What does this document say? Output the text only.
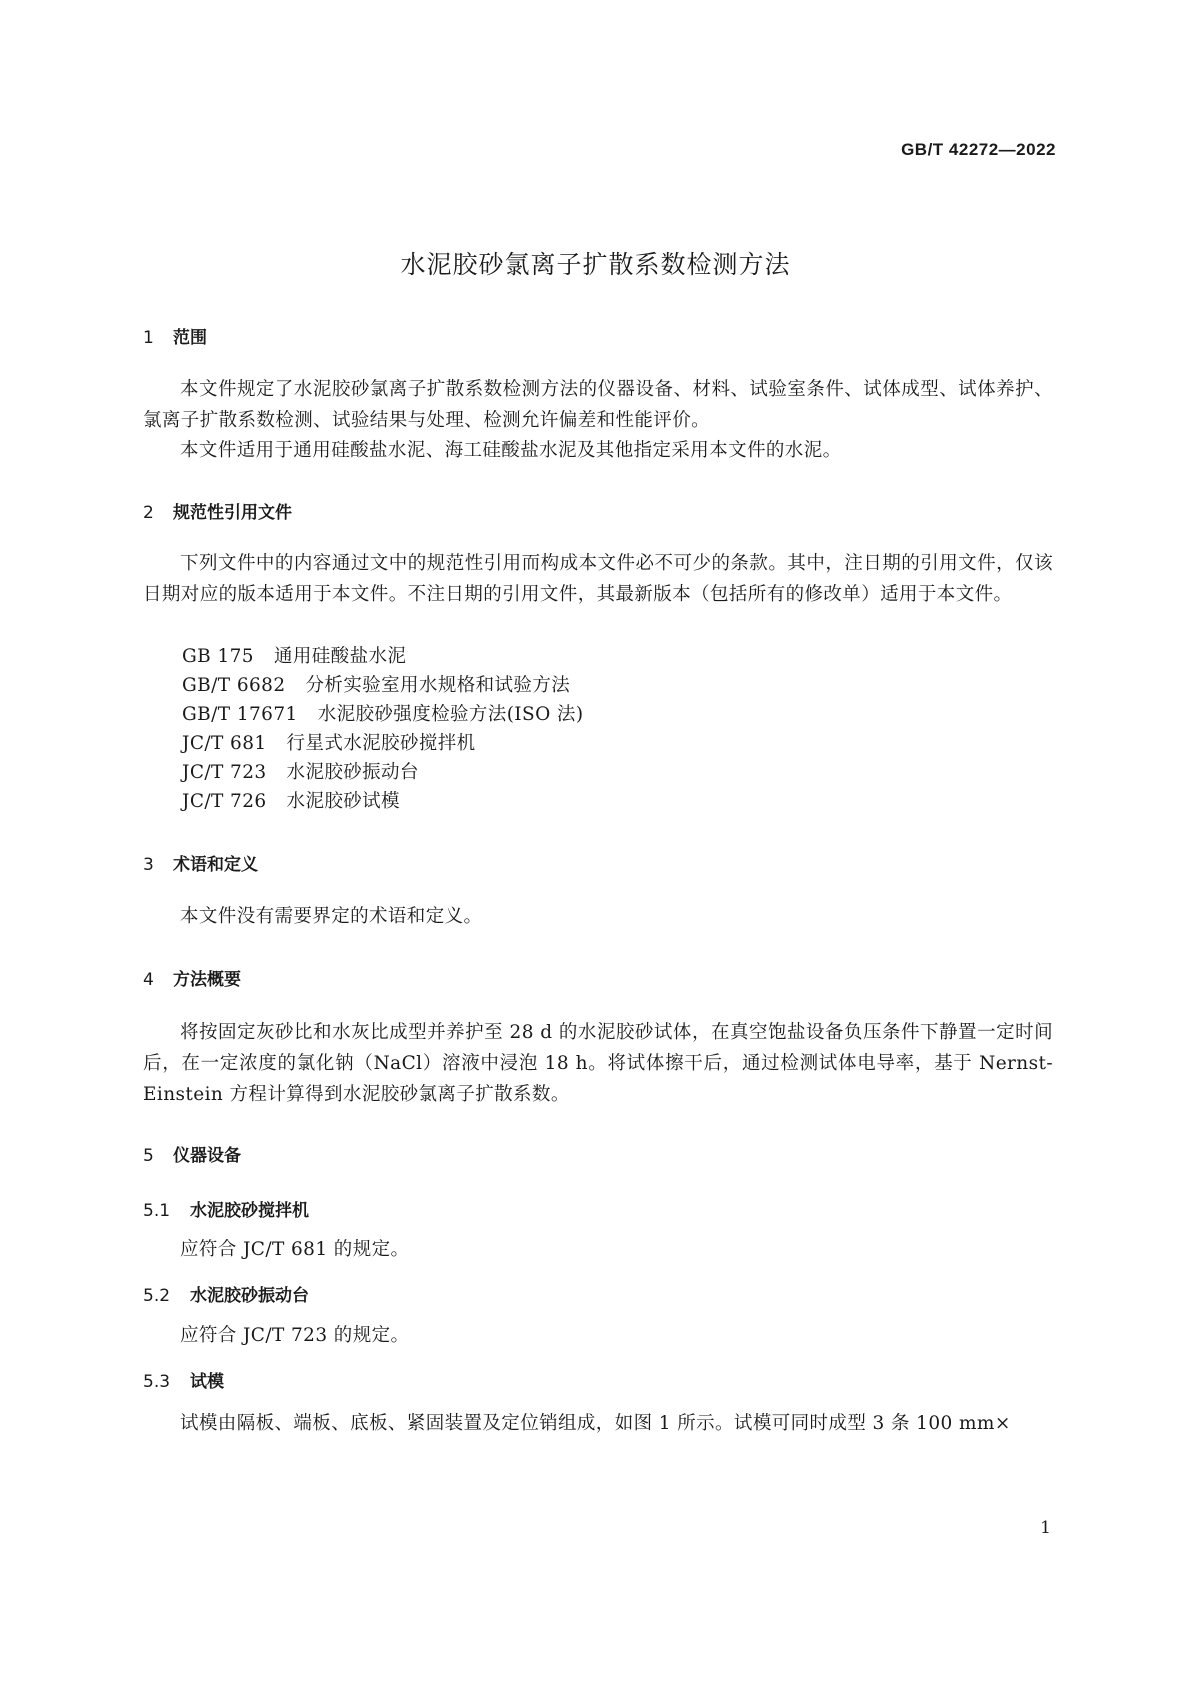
GB/T 42272—2022
水泥胶砂氯离子扩散系数检测方法
1 范围
本文件规定了水泥胶砂氯离子扩散系数检测方法的仪器设备、材料、试验室条件、试体成型、试体养护、氯离子扩散系数检测、试验结果与处理、检测允许偏差和性能评价。
本文件适用于通用硅酸盐水泥、海工硅酸盐水泥及其他指定采用本文件的水泥。
2 规范性引用文件
下列文件中的内容通过文中的规范性引用而构成本文件必不可少的条款。其中，注日期的引用文件，仅该日期对应的版本适用于本文件。不注日期的引用文件，其最新版本（包括所有的修改单）适用于本文件。
GB 175 通用硅酸盐水泥
GB/T 6682 分析实验室用水规格和试验方法
GB/T 17671 水泥胶砂强度检验方法(ISO 法)
JC/T 681 行星式水泥胶砂搅拌机
JC/T 723 水泥胶砂振动台
JC/T 726 水泥胶砂试模
3 术语和定义
本文件没有需要界定的术语和定义。
4 方法概要
将按固定灰砂比和水灰比成型并养护至 28 d 的水泥胶砂试体，在真空饱盐设备负压条件下静置一定时间后，在一定浓度的氯化钠（NaCl）溶液中浸泡 18 h。将试体擦干后，通过检测试体电导率，基于 Nernst-Einstein 方程计算得到水泥胶砂氯离子扩散系数。
5 仪器设备
5.1 水泥胶砂搅拌机
应符合 JC/T 681 的规定。
5.2 水泥胶砂振动台
应符合 JC/T 723 的规定。
5.3 试模
试模由隔板、端板、底板、紧固装置及定位销组成，如图 1 所示。试模可同时成型 3 条 100 mm×
1
